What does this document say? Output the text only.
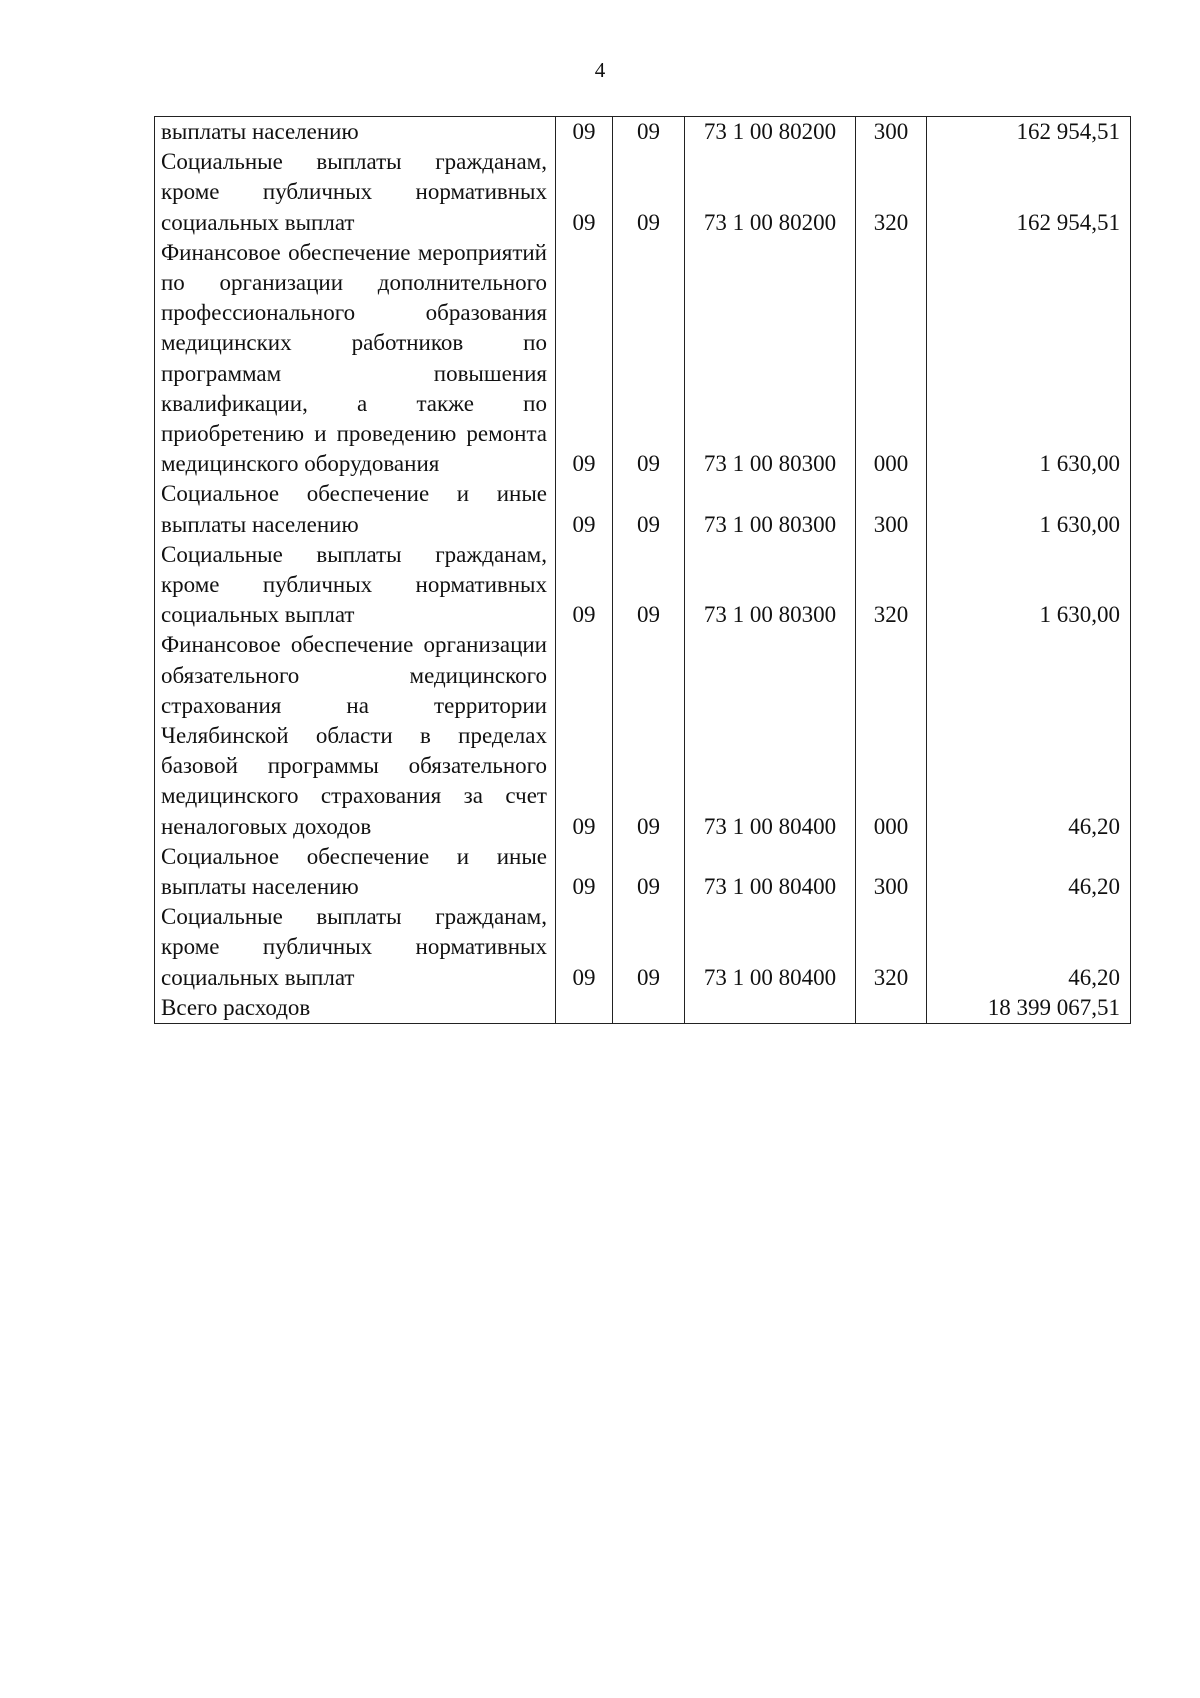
4
выплаты населению	09	09	73 1 00 80200	300	162 954,51
Социальные выплаты гражданам, кроме публичных нормативных социальных выплат	09	09	73 1 00 80200	320	162 954,51
Финансовое обеспечение мероприятий по организации дополнительного профессионального образования медицинских работников по программам повышения квалификации, а также по приобретению и проведению ремонта медицинского оборудования	09	09	73 1 00 80300	000	1 630,00
Социальное обеспечение и иные выплаты населению	09	09	73 1 00 80300	300	1 630,00
Социальные выплаты гражданам, кроме публичных нормативных социальных выплат	09	09	73 1 00 80300	320	1 630,00
Финансовое обеспечение организации обязательного медицинского страхования на территории Челябинской области в пределах базовой программы обязательного медицинского страхования за счет неналоговых доходов	09	09	73 1 00 80400	000	46,20
Социальное обеспечение и иные выплаты населению	09	09	73 1 00 80400	300	46,20
Социальные выплаты гражданам, кроме публичных нормативных социальных выплат	09	09	73 1 00 80400	320	46,20
Всего расходов					18 399 067,51
